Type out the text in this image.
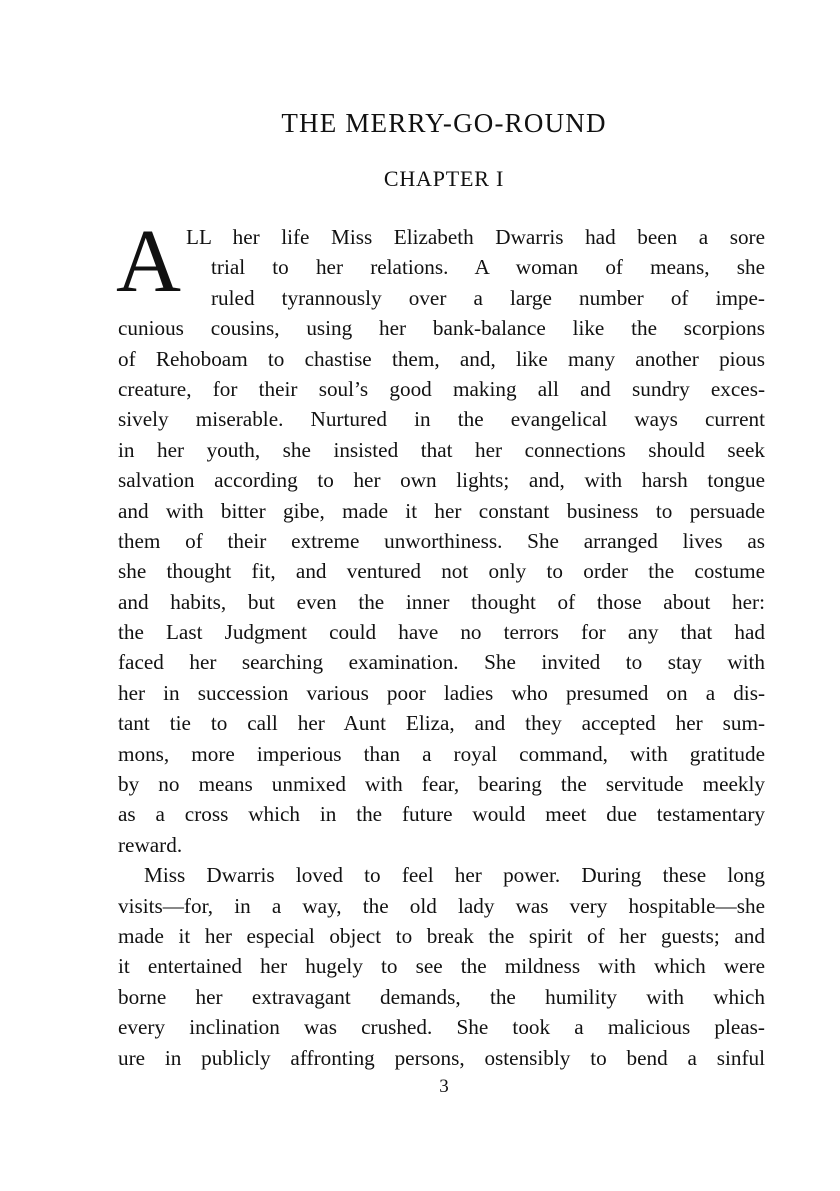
THE MERRY-GO-ROUND
CHAPTER I
A LL her life Miss Elizabeth Dwarris had been a sore
trial to her relations. A woman of means, she
ruled tyrannously over a large number of impe-
cunious cousins, using her bank-balance like the scorpions
of Rehoboam to chastise them, and, like many another pious
creature, for their soul’s good making all and sundry exces-
sively miserable. Nurtured in the evangelical ways current
in her youth, she insisted that her connections should seek
salvation according to her own lights; and, with harsh tongue
and with bitter gibe, made it her constant business to persuade
them of their extreme unworthiness. She arranged lives as
she thought fit, and ventured not only to order the costume
and habits, but even the inner thought of those about her:
the Last Judgment could have no terrors for any that had
faced her searching examination. She invited to stay with
her in succession various poor ladies who presumed on a dis-
tant tie to call her Aunt Eliza, and they accepted her sum-
mons, more imperious than a royal command, with gratitude
by no means unmixed with fear, bearing the servitude meekly
as a cross which in the future would meet due testamentary
reward.
Miss Dwarris loved to feel her power. During these long
visits—for, in a way, the old lady was very hospitable—she
made it her especial object to break the spirit of her guests; and
it entertained her hugely to see the mildness with which were
borne her extravagant demands, the humility with which
every inclination was crushed. She took a malicious pleas-
ure in publicly affronting persons, ostensibly to bend a sinful
3
